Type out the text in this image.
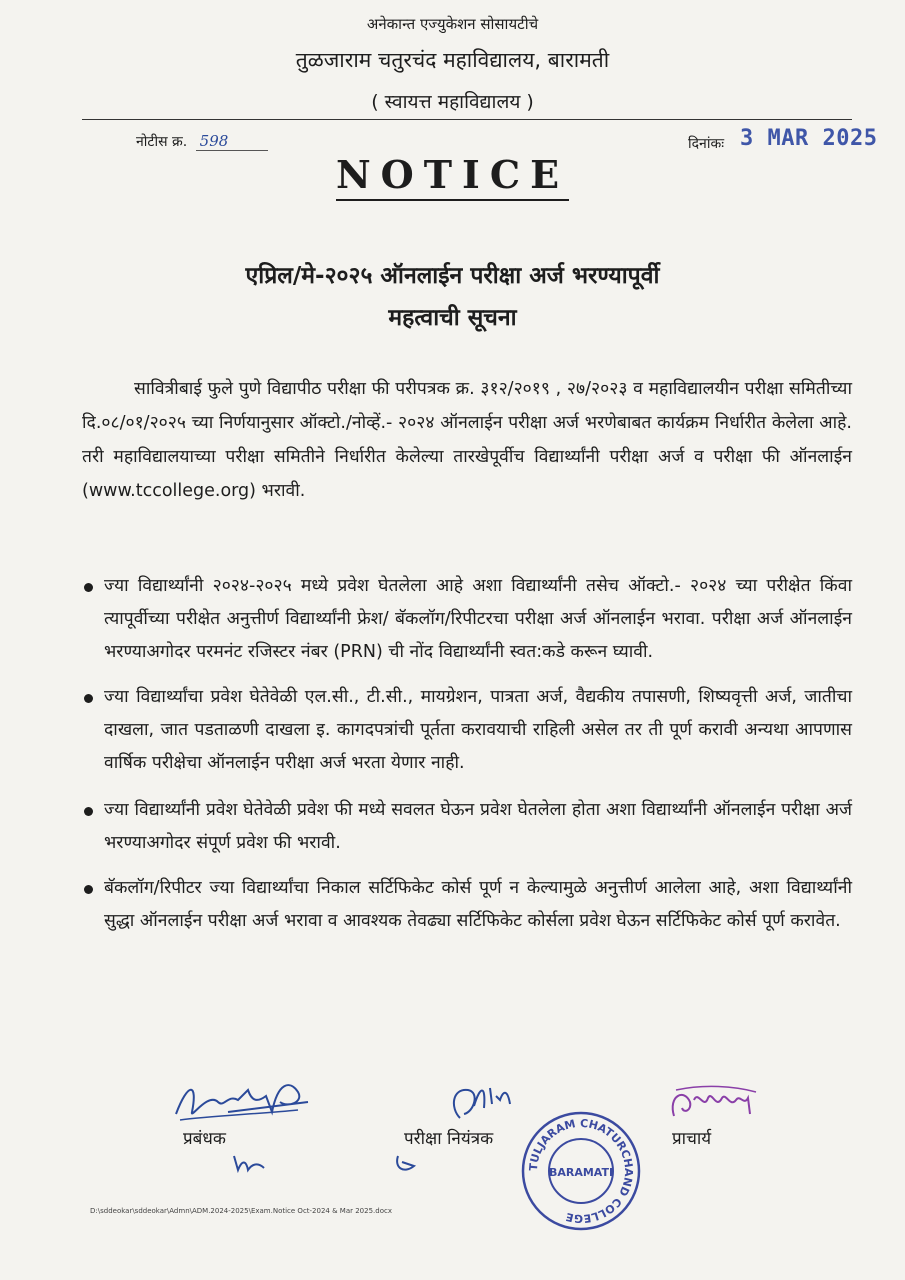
अनेकान्त एज्युकेशन सोसायटीचे
तुळजाराम चतुरचंद महाविद्यालय, बारामती
( स्वायत्त महाविद्यालय )
नोटीस क्र. 598	दिनांकः 3 MAR 2025
NOTICE
एप्रिल/मे-२०२५ ऑनलाईन परीक्षा अर्ज भरण्यापूर्वी
महत्वाची सूचना
सावित्रीबाई फुले पुणे विद्यापीठ परीक्षा फी परीपत्रक क्र. ३१२/२०१९ , २७/२०२३ व महाविद्यालयीन परीक्षा समितीच्या दि.०८/०१/२०२५ च्या निर्णयानुसार ऑक्टो./नोव्हें.- २०२४ ऑनलाईन परीक्षा अर्ज भरणेबाबत कार्यक्रम निर्धारीत केलेला आहे. तरी महाविद्यालयाच्या परीक्षा समितीने निर्धारीत केलेल्या तारखेपूर्वीच विद्यार्थ्यांनी परीक्षा अर्ज व परीक्षा फी ऑनलाईन (www.tccollege.org) भरावी.
ज्या विद्यार्थ्यांनी २०२४-२०२५ मध्ये प्रवेश घेतलेला आहे अशा विद्यार्थ्यांनी तसेच ऑक्टो.- २०२४ च्या परीक्षेत किंवा त्यापूर्वीच्या परीक्षेत अनुत्तीर्ण विद्यार्थ्यांनी फ्रेश/ बॅकलॉग/रिपीटरचा परीक्षा अर्ज ऑनलाईन भरावा. परीक्षा अर्ज ऑनलाईन भरण्याअगोदर परमनंट रजिस्टर नंबर (PRN) ची नोंद विद्यार्थ्यांनी स्वत:कडे करून घ्यावी.
ज्या विद्यार्थ्यांचा प्रवेश घेतेवेळी एल.सी., टी.सी., मायग्रेशन, पात्रता अर्ज, वैद्यकीय तपासणी, शिष्यवृत्ती अर्ज, जातीचा दाखला, जात पडताळणी दाखला इ. कागदपत्रांची पूर्तता करावयाची राहिली असेल तर ती पूर्ण करावी अन्यथा आपणास वार्षिक परीक्षेचा ऑनलाईन परीक्षा अर्ज भरता येणार नाही.
ज्या विद्यार्थ्यांनी प्रवेश घेतेवेळी प्रवेश फी मध्ये सवलत घेऊन प्रवेश घेतलेला होता अशा विद्यार्थ्यांनी ऑनलाईन परीक्षा अर्ज भरण्याअगोदर संपूर्ण प्रवेश फी भरावी.
बॅकलॉग/रिपीटर ज्या विद्यार्थ्यांचा निकाल सर्टिफिकेट कोर्स पूर्ण न केल्यामुळे अनुत्तीर्ण आलेला आहे, अशा विद्यार्थ्यांनी सुद्धा ऑनलाईन परीक्षा अर्ज भरावा व आवश्यक तेवढ्या सर्टिफिकेट कोर्सला प्रवेश घेऊन सर्टिफिकेट कोर्स पूर्ण करावेत.
प्रबंधक	परीक्षा नियंत्रक
TULJARAM CHATURCHAND COLLEGE
BARAMATI
प्राचार्य
D:\sddeokar\sddeokar\Admn\ADM.2024-2025\Exam.Notice Oct-2024 & Mar 2025.docx
